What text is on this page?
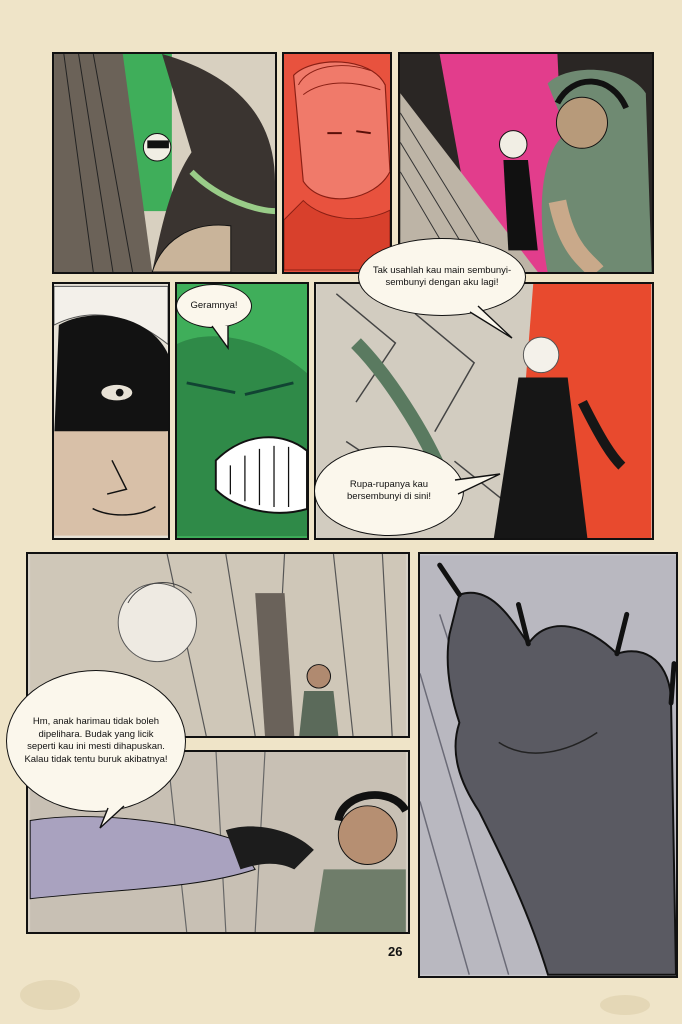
Tak usahlah kau main sembunyi-sembunyi dengan aku lagi!
Geramnya!
Rupa-rupanya kau bersembunyi di sini!
Hm, anak harimau tidak boleh dipelihara. Budak yang licik seperti kau ini mesti dihapuskan. Kalau tidak tentu buruk akibatnya!
26
